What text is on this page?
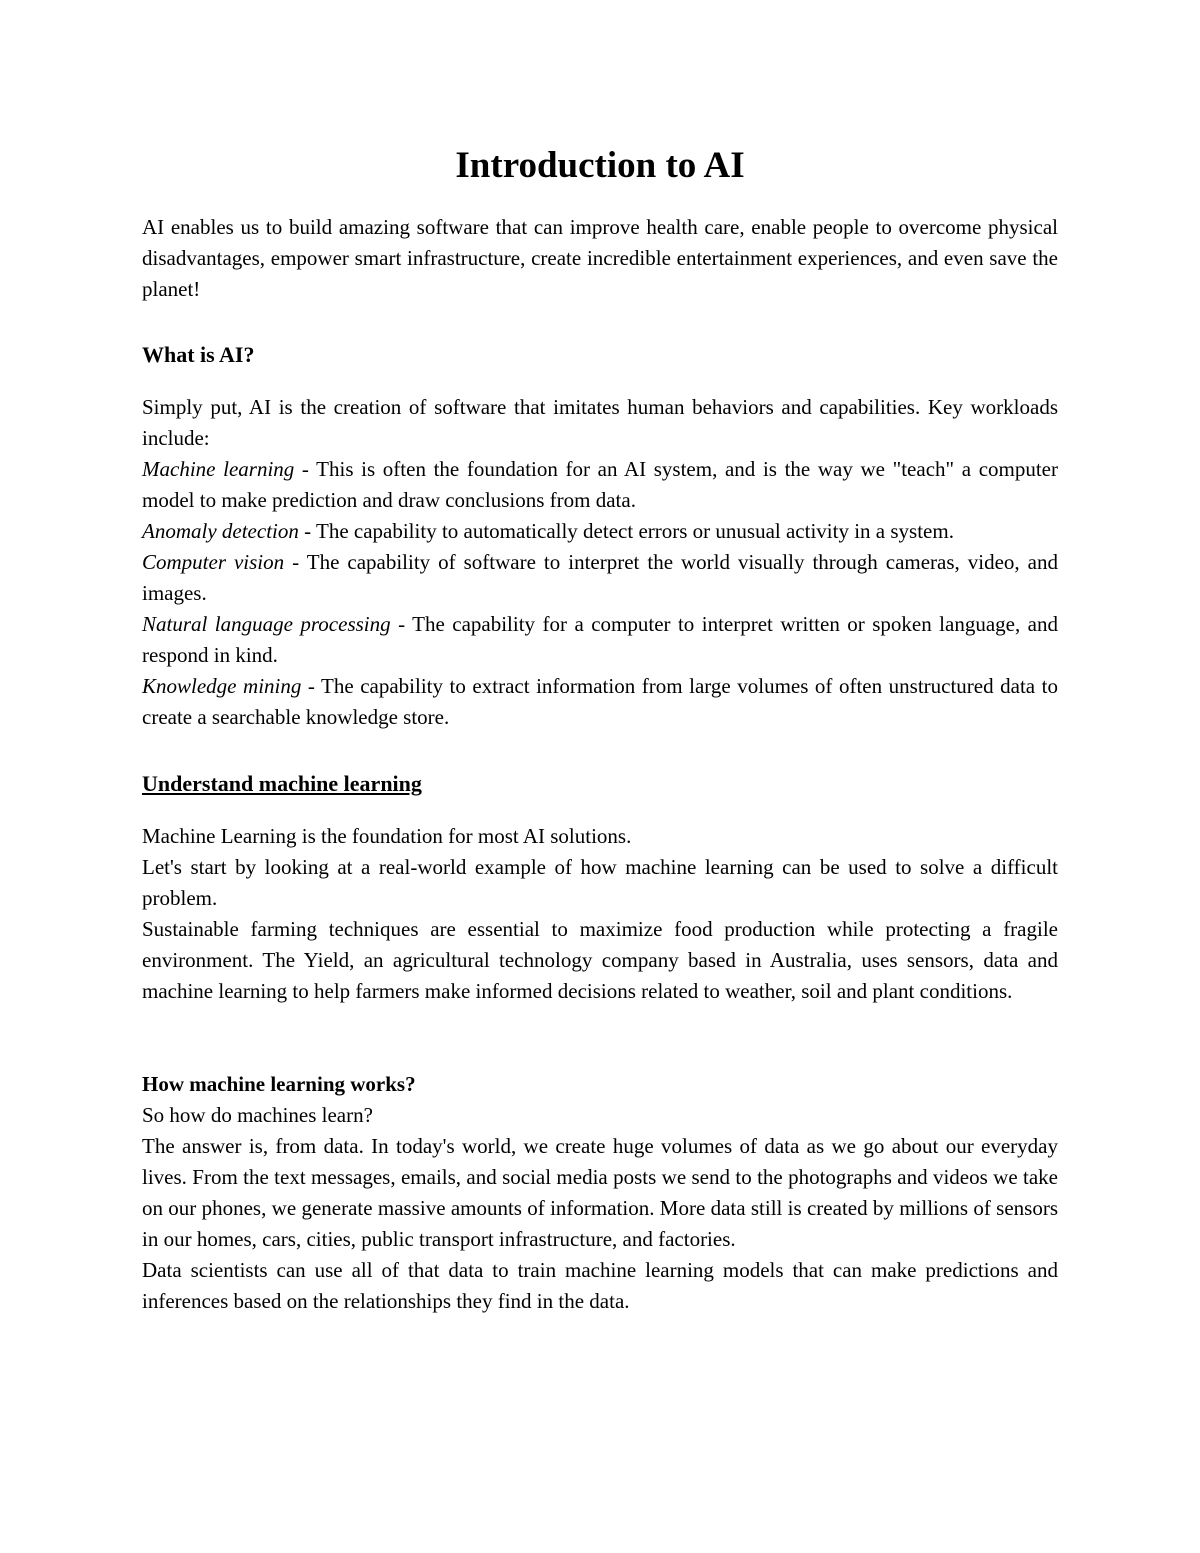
Introduction to AI

AI enables us to build amazing software that can improve health care, enable people to overcome physical disadvantages, empower smart infrastructure, create incredible entertainment experiences, and even save the planet!

What is AI?

Simply put, AI is the creation of software that imitates human behaviors and capabilities. Key workloads include:

Machine learning - This is often the foundation for an AI system, and is the way we "teach" a computer model to make prediction and draw conclusions from data.

Anomaly detection - The capability to automatically detect errors or unusual activity in a system.

Computer vision - The capability of software to interpret the world visually through cameras, video, and images.

Natural language processing - The capability for a computer to interpret written or spoken language, and respond in kind.

Knowledge mining - The capability to extract information from large volumes of often unstructured data to create a searchable knowledge store.

Understand machine learning

Machine Learning is the foundation for most AI solutions.

Let's start by looking at a real-world example of how machine learning can be used to solve a difficult problem.

Sustainable farming techniques are essential to maximize food production while protecting a fragile environment. The Yield, an agricultural technology company based in Australia, uses sensors, data and machine learning to help farmers make informed decisions related to weather, soil and plant conditions.

How machine learning works?

So how do machines learn?

The answer is, from data. In today's world, we create huge volumes of data as we go about our everyday lives. From the text messages, emails, and social media posts we send to the photographs and videos we take on our phones, we generate massive amounts of information. More data still is created by millions of sensors in our homes, cars, cities, public transport infrastructure, and factories.

Data scientists can use all of that data to train machine learning models that can make predictions and inferences based on the relationships they find in the data.
